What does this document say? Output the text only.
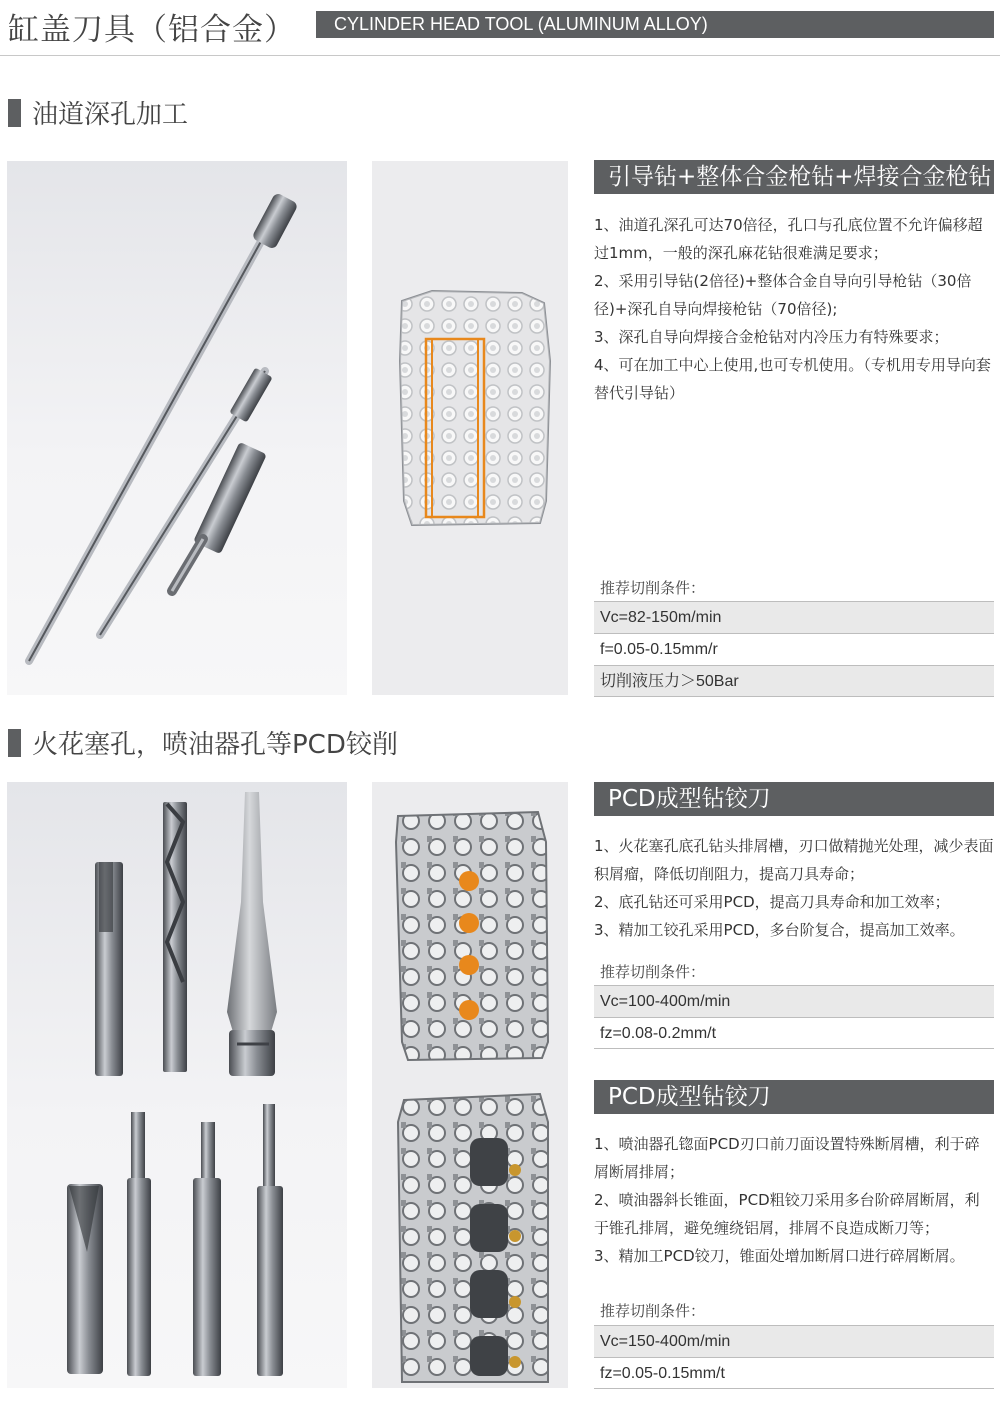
缸盖刀具（铝合金）	CYLINDER HEAD TOOL (ALUMINUM ALLOY)
油道深孔加工
引导钻+整体合金枪钻+焊接合金枪钻
1、油道孔深孔可达70倍径，孔口与孔底位置不允许偏移超过1mm，一般的深孔麻花钻很难满足要求；
2、采用引导钻(2倍径)+整体合金自导向引导枪钻（30倍径)+深孔自导向焊接枪钻（70倍径);
3、深孔自导向焊接合金枪钻对内冷压力有特殊要求；
4、可在加工中心上使用,也可专机使用。（专机用专用导向套替代引导钻）
推荐切削条件：
Vc=82-150m/min
f=0.05-0.15mm/r
切削液压力＞50Bar
火花塞孔，喷油器孔等PCD铰削
PCD成型钻铰刀
1、火花塞孔底孔钻头排屑槽，刃口做精抛光处理，减少表面积屑瘤，降低切削阻力，提高刀具寿命；
2、底孔钻还可采用PCD，提高刀具寿命和加工效率；
3、精加工铰孔采用PCD，多台阶复合，提高加工效率。
推荐切削条件：
Vc=100-400m/min
fz=0.08-0.2mm/t
PCD成型钻铰刀
1、喷油器孔锪面PCD刃口前刀面设置特殊断屑槽，利于碎屑断屑排屑；
2、喷油器斜长锥面，PCD粗铰刀采用多台阶碎屑断屑，利于锥孔排屑，避免缠绕铝屑，排屑不良造成断刀等；
3、精加工PCD铰刀，锥面处增加断屑口进行碎屑断屑。
推荐切削条件：
Vc=150-400m/min
fz=0.05-0.15mm/t
